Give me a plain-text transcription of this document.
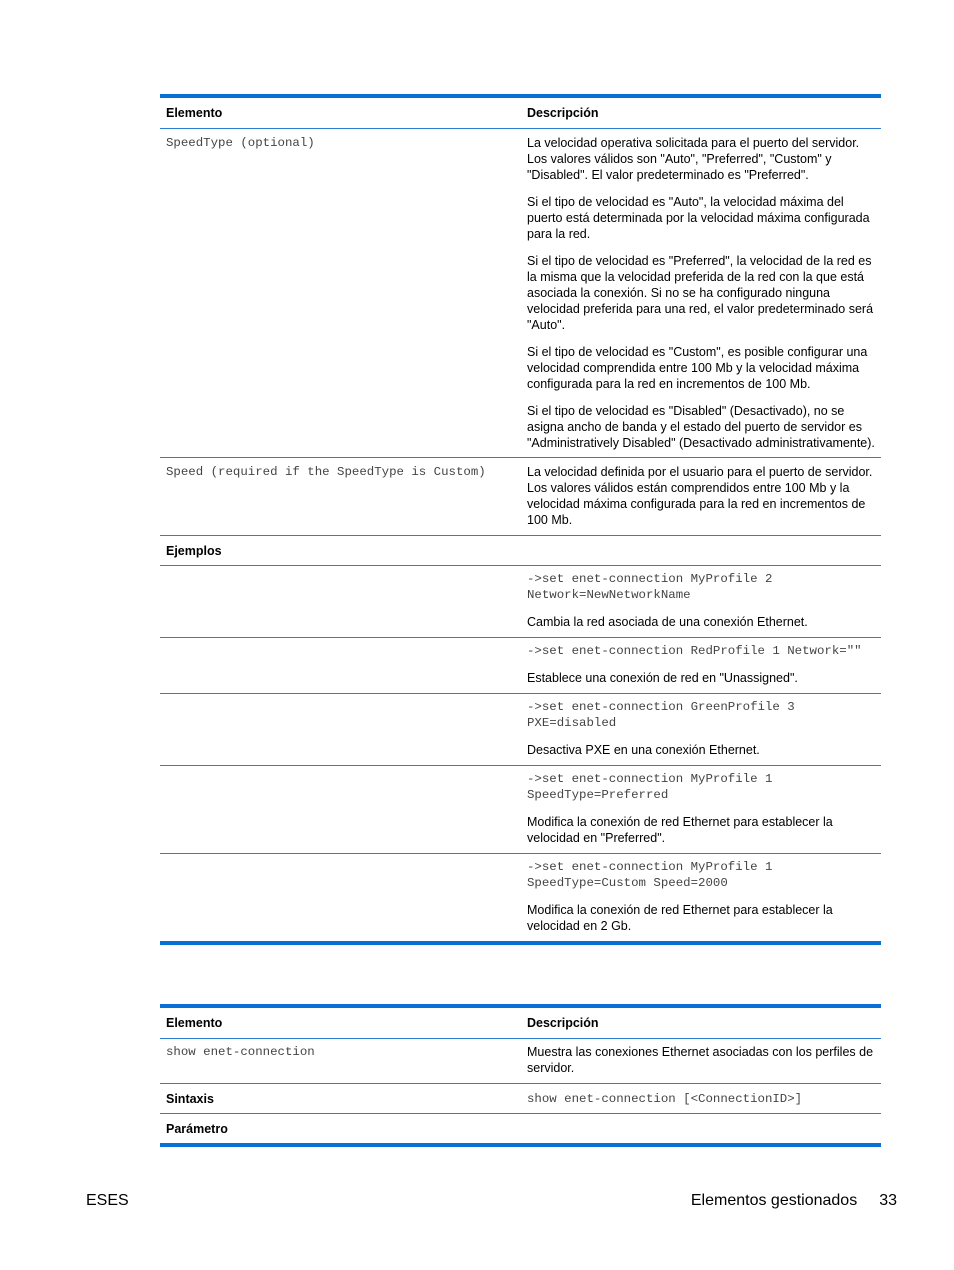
Elemento	Descripción
SpeedType (optional)	La velocidad operativa solicitada para el puerto del servidor. Los valores válidos son "Auto", "Preferred", "Custom" y "Disabled". El valor predeterminado es "Preferred".

Si el tipo de velocidad es "Auto", la velocidad máxima del puerto está determinada por la velocidad máxima configurada para la red.

Si el tipo de velocidad es "Preferred", la velocidad de la red es la misma que la velocidad preferida de la red con la que está asociada la conexión. Si no se ha configurado ninguna velocidad preferida para una red, el valor predeterminado será "Auto".

Si el tipo de velocidad es "Custom", es posible configurar una velocidad comprendida entre 100 Mb y la velocidad máxima configurada para la red en incrementos de 100 Mb.

Si el tipo de velocidad es "Disabled" (Desactivado), no se asigna ancho de banda y el estado del puerto de servidor es "Administratively Disabled" (Desactivado administrativamente).

Speed (required if the SpeedType is Custom)	La velocidad definida por el usuario para el puerto de servidor. Los valores válidos están comprendidos entre 100 Mb y la velocidad máxima configurada para la red en incrementos de 100 Mb.
Ejemplos
->set enet-connection MyProfile 2
Network=NewNetworkName
Cambia la red asociada de una conexión Ethernet.
->set enet-connection RedProfile 1 Network=""
Establece una conexión de red en "Unassigned".
->set enet-connection GreenProfile 3
PXE=disabled
Desactiva PXE en una conexión Ethernet.
->set enet-connection MyProfile 1
SpeedType=Preferred
Modifica la conexión de red Ethernet para establecer la velocidad en "Preferred".
->set enet-connection MyProfile 1
SpeedType=Custom Speed=2000
Modifica la conexión de red Ethernet para establecer la velocidad en 2 Gb.
Elemento	Descripción
show enet-connection	Muestra las conexiones Ethernet asociadas con los perfiles de servidor.
Sintaxis	show enet-connection [<ConnectionID>]
Parámetro
ESES	Elementos gestionados 33
